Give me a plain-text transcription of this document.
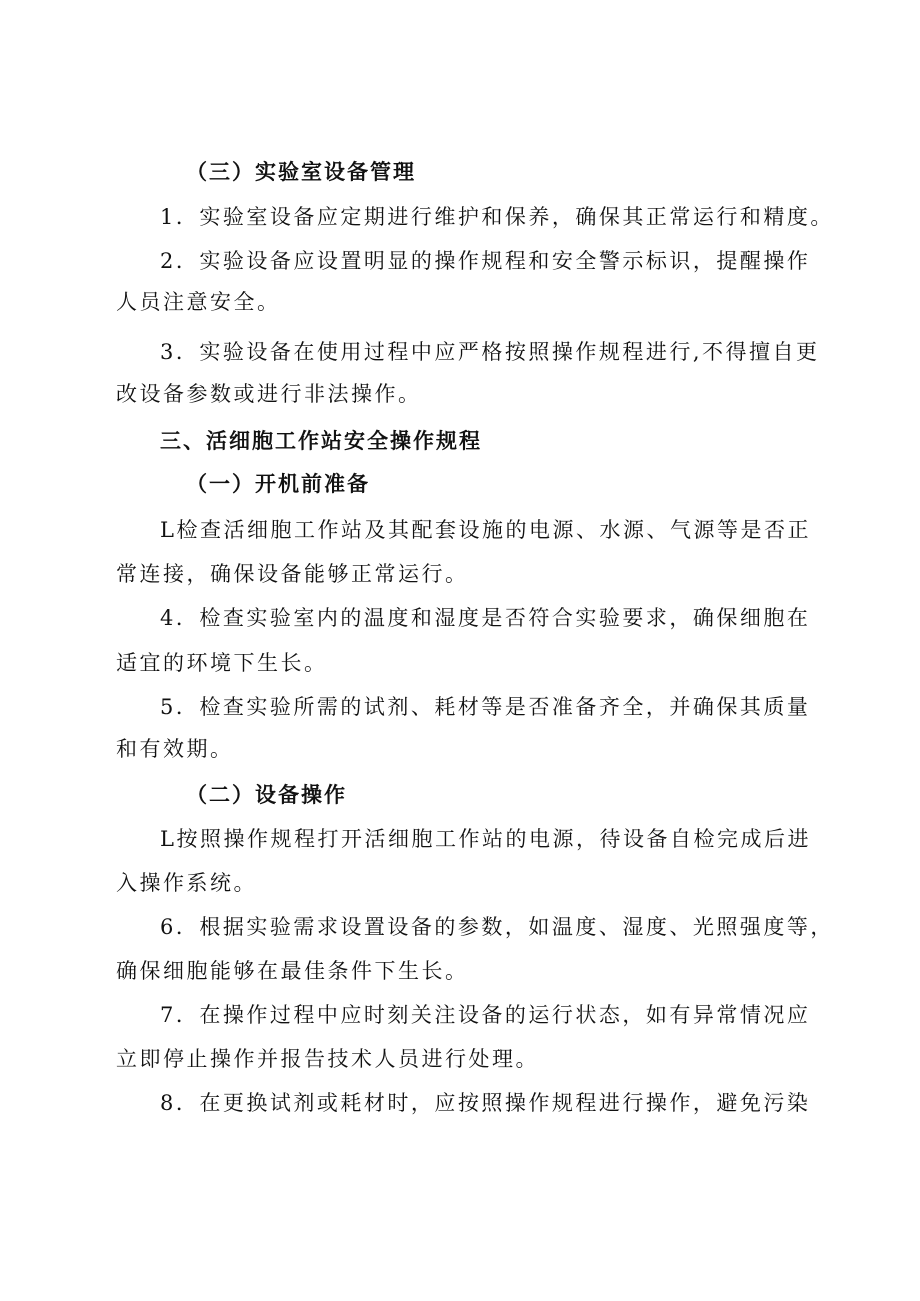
（三）实验室设备管理
1．实验室设备应定期进行维护和保养，确保其正常运行和精度。
2．实验设备应设置明显的操作规程和安全警示标识，提醒操作
人员注意安全。
3．实验设备在使用过程中应严格按照操作规程进行,不得擅自更
改设备参数或进行非法操作。
三、活细胞工作站安全操作规程
（一）开机前准备
L检查活细胞工作站及其配套设施的电源、水源、气源等是否正
常连接，确保设备能够正常运行。
4．检查实验室内的温度和湿度是否符合实验要求，确保细胞在
适宜的环境下生长。
5．检查实验所需的试剂、耗材等是否准备齐全，并确保其质量
和有效期。
（二）设备操作
L按照操作规程打开活细胞工作站的电源，待设备自检完成后进
入操作系统。
6．根据实验需求设置设备的参数，如温度、湿度、光照强度等，
确保细胞能够在最佳条件下生长。
7．在操作过程中应时刻关注设备的运行状态，如有异常情况应
立即停止操作并报告技术人员进行处理。
8．在更换试剂或耗材时，应按照操作规程进行操作，避免污染
